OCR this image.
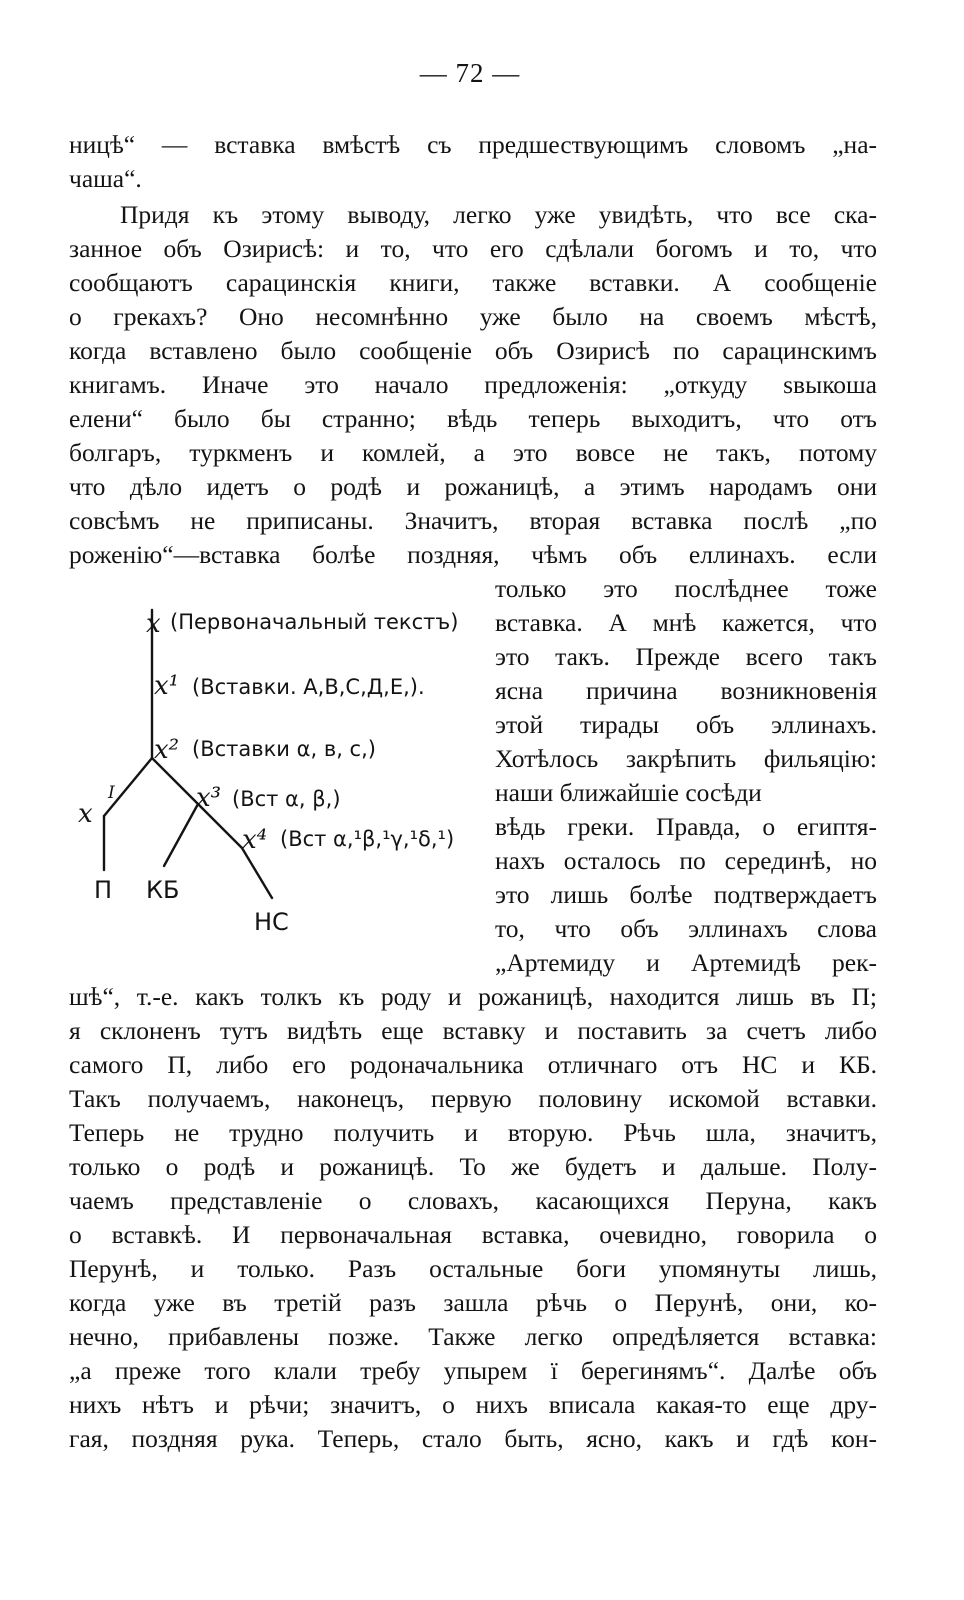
— 72 —
ницѣ“ — вставка вмѣстѣ съ предшествующимъ словомъ „на-
чаша“.
Придя къ этому выводу, легко уже увидѣть, что все ска-
занное объ Озирисѣ: и то, что его сдѣлали богомъ и то, что
сообщаютъ сарацинскія книги, также вставки. А сообщеніе
о грекахъ? Оно несомнѣнно уже было на своемъ мѣстѣ,
когда вставлено было сообщеніе объ Озирисѣ по сарацинскимъ
книгамъ. Иначе это начало предложенія: „откуду ѕвыкоша
елени“ было бы странно; вѣдь теперь выходитъ, что отъ
болгаръ, туркменъ и комлей, а это вовсе не такъ, потому
что дѣло идетъ о родѣ и рожаницѣ, а этимъ народамъ они
совсѣмъ не приписаны. Значитъ, вторая вставка послѣ „по
роженію“—вставка болѣе поздняя, чѣмъ объ еллинахъ. если
только это послѣднее тоже
вставка. А мнѣ кажется, что
это такъ. Прежде всего такъ
ясна причина возникновенія
этой тирады объ эллинахъ.
Хотѣлось закрѣпить фильяцію: наши ближайшіе сосѣди
вѣдь греки. Правда, о египтя-
нахъ осталось по серединѣ, но
это лишь болѣе подтверждаетъ
то, что объ эллинахъ слова
„Артемиду и Артемидѣ рек-
x (Первоначальный текстъ)
x¹ (Вставки. А,В,С,Д,Е,).
x² (Вставки α, в, с,)
x³ (Вст α, β,)
x⁴ (Вст α,¹β,¹γ,¹δ,¹)
x
I
П КБ
НС
шѣ“, т.-е. какъ толкъ къ роду и рожаницѣ, находится лишь въ П;
я склоненъ тутъ видѣть еще вставку и поставить за счетъ либо
самого П, либо его родоначальника отличнаго отъ НС и КБ.
Такъ получаемъ, наконецъ, первую половину искомой вставки.
Теперь не трудно получить и вторую. Рѣчь шла, значитъ,
только о родѣ и рожаницѣ. То же будетъ и дальше. Полу-
чаемъ представленіе о словахъ, касающихся Перуна, какъ
о вставкѣ. И первоначальная вставка, очевидно, говорила о
Перунѣ, и только. Разъ остальные боги упомянуты лишь,
когда уже въ третій разъ зашла рѣчь о Перунѣ, они, ко-
нечно, прибавлены позже. Также легко опредѣляется вставка:
„а преже того клали требу упырем ї берегинямъ“. Далѣе объ
нихъ нѣтъ и рѣчи; значитъ, о нихъ вписала какая-то еще дру-
гая, поздняя рука. Теперь, стало быть, ясно, какъ и гдѣ кон-
